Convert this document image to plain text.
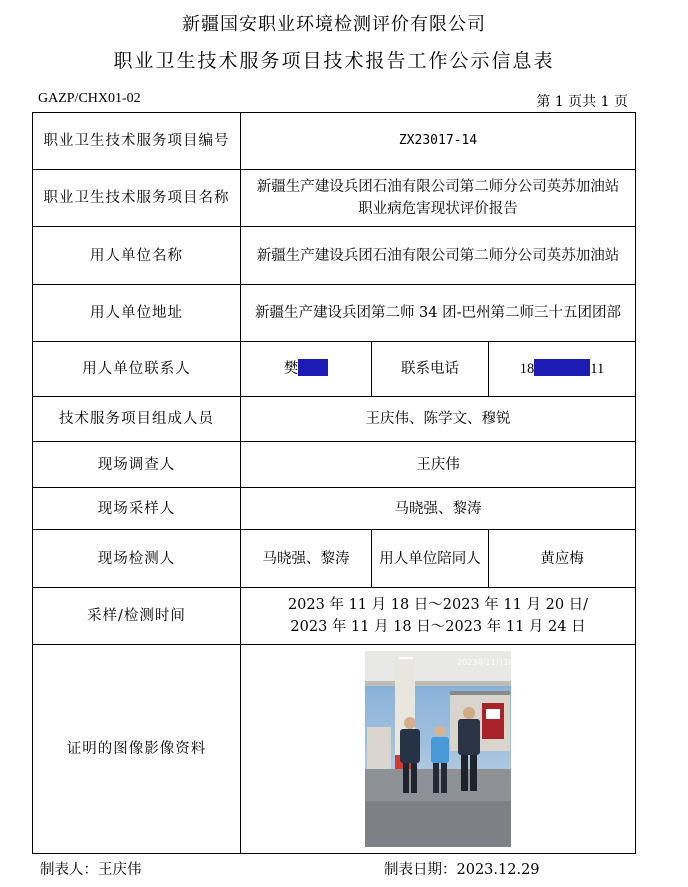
新疆国安职业环境检测评价有限公司
职业卫生技术服务项目技术报告工作公示信息表
GAZP/CHX01-02	第 1 页共 1 页
职业卫生技术服务项目编号	ZX23017-14		
职业卫生技术服务项目名称	新疆生产建设兵团石油有限公司第二师分公司英苏加油站
职业病危害现状评价报告		

用人单位名称	新疆生产建设兵团石油有限公司第二师分公司英苏加油站		
用人单位地址	新疆生产建设兵团第二师 34 团-巴州第二师三十五团团部		
用人单位联系人	樊	联系电话	18 11
技术服务项目组成人员	王庆伟、陈学文、穆锐		
现场调查人	王庆伟		
现场采样人	马晓强、黎涛		
现场检测人	马晓强、黎涛	用人单位陪同人	黄应梅
采样/检测时间	2023 年 11 月 18 日～2023 年 11 月 20 日/
2023 年 11 月 18 日～2023 年 11 月 24 日		

证明的图像影像资料	2023年11月18日		
制表人：王庆伟	制表日期：2023.12.29
